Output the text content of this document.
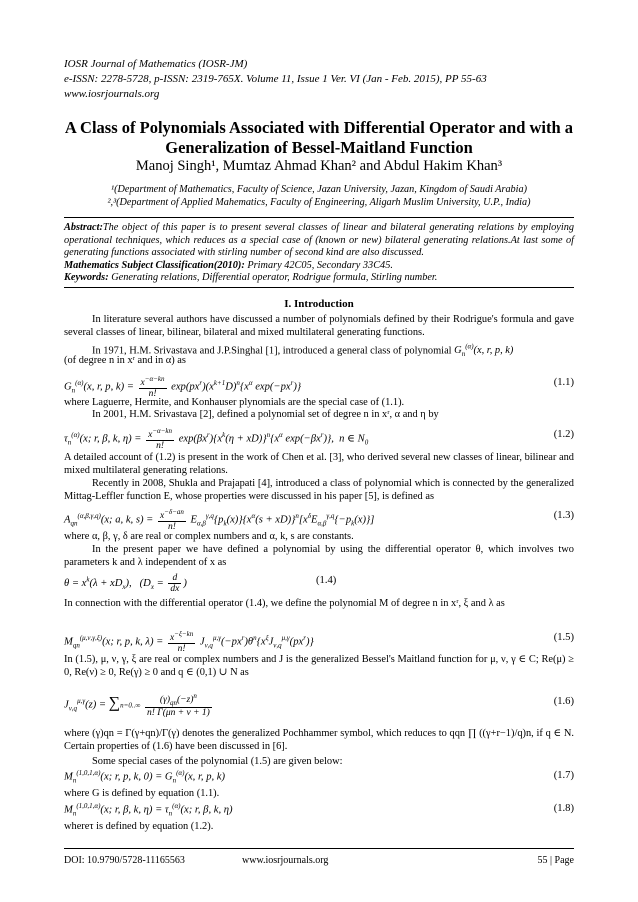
IOSR Journal of Mathematics (IOSR-JM)
e-ISSN: 2278-5728, p-ISSN: 2319-765X. Volume 11, Issue 1 Ver. VI (Jan - Feb. 2015), PP 55-63
www.iosrjournals.org
A Class of Polynomials Associated with Differential Operator and with a Generalization of Bessel-Maitland Function
Manoj Singh¹, Mumtaz Ahmad Khan² and Abdul Hakim Khan³
¹(Department of Mathematics, Faculty of Science, Jazan University, Jazan, Kingdom of Saudi Arabia)
²,³(Department of Applied Mahematics, Faculty of Engineering, Aligarh Muslim University, U.P., India)
Abstract:The object of this paper is to present several classes of linear and bilateral generating relations by employing operational techniques, which reduces as a special case of (known or new) bilateral generating relations.At last some of generating functions associated with stirling number of second kind are also discussed.
Mathematics Subject Classification(2010): Primary 42C05, Secondary 33C45.
Keywords: Generating relations, Differential operator, Rodrigue formula, Stirling number.
I. Introduction
In literature several authors have discussed a number of polynomials defined by their Rodrigue's formula and gave several classes of linear, bilinear, bilateral and mixed multilateral generating functions.
In 1971, H.M. Srivastava and J.P.Singhal [1], introduced a general class of polynomial $G_n^{(\alpha)}(x$, r, p, k)
(of degree n in xʳ and in α) as
$G_n^{(\alpha)}(x$, r, p, $k) = \frac{x^{-\alpha-kn}}{n!} \exp(px^r)(x^{k+1}D)^n\{x^\alpha$ $\exp(-px^r)$}	(1.1)
where Laguerre, Hermite, and Konhauser plynomials are the special case of (1.1).
In 2001, H.M. Srivastava [2], defined a polynomial set of degree n in xʳ, α and η by
$\tau_n^{(\alpha)}(x$; r, β, k, $\eta) = \frac{x^{-\alpha-kn}}{n!} \exp(\beta x^r)\{x^k(\eta + xD)\}^n\{x^\alpha$ $\exp(-\beta x^r)$},  n ∈ $N_0$
(1.2)
A detailed account of (1.2) is present in the work of Chen et al. [3], who derived several new classes of linear, bilinear and mixed multilateral generating relations.
Recently in 2008, Shukla and Prajapati [4], introduced a class of polynomial which is connected by the generalized Mittag-Leffler function E, whose properties were discussed in his paper [5], is defined as
$A_{qn}^{(\alpha,\beta,\gamma,q)}(x$; a, k, $s) = \frac{x^{-\delta-an}}{n!} E_{\alpha,\beta}^{\gamma,q}\{p_k(x)\}\{x^\alpha(s + xD)\}^n[x^\delta E_{\alpha,\beta}^{\gamma,q}\{-p_k(x)\}]$	(1.3)
where α, β, γ, δ are real or complex numbers and α, k, s are constants.
In the present paper we have defined a polynomial by using the differential operator θ, which involves two parameters k and λ independent of x as
$\theta = x^k(\lambda + xD_x)$,   ($D_x = \frac{d}{dx}$ )	(1.4)
In connection with the differential operator (1.4), we define the polynomial M of degree n in xʳ, ξ and λ as
$M_{qn}^{(\mu,\nu,\gamma,\xi)}(x$; r, p, k, $\lambda) = \frac{x^{-\xi-kn}}{n!} J_{\nu,q}^{\mu,\gamma}(-px^r)\theta^n\{x^\xi J_{\nu,q}^{\mu,\gamma}(px^r)\}$	(1.5)
In (1.5), μ, ν, γ, ξ are real or complex numbers and J is the generalized Bessel's Maitland function for μ, ν, γ ∈ C; Re(μ) ≥ 0, Re(ν) ≥ 0, Re(γ) ≥ 0 and q ∈ (0,1) ∪ N as
$J_{\nu,q}^{\mu,\gamma}(z) = \sum n=0..\infty \frac{(\gamma)_{qn}(-z)^n}{n! \Gamma(\mu n + \nu + 1)}$	(1.6)
where (γ)qn = Γ(γ+qn)/Γ(γ) denotes the generalized Pochhammer symbol, which reduces to qqn ∏ ((γ+r−1)/q)n, if q ∈ N. Certain properties of (1.6) have been discussed in [6].
Some special cases of the polynomial (1.5) are given below:
$M_n^{(1,0,1,\alpha)}(x$; r, p, k, $0) = G_n^{(\alpha)}(x$, r, p, k)	(1.7)
where G is defined by equation (1.1).
$M_n^{(1,0,1,\alpha)}(x$; r, β, k, $\eta) = \tau_n^{(\alpha)}(x$; r, β, k, η)	(1.8)
whereτ is defined by equation (1.2).
DOI: 10.9790/5728-11165563	www.iosrjournals.org	55 | Page
